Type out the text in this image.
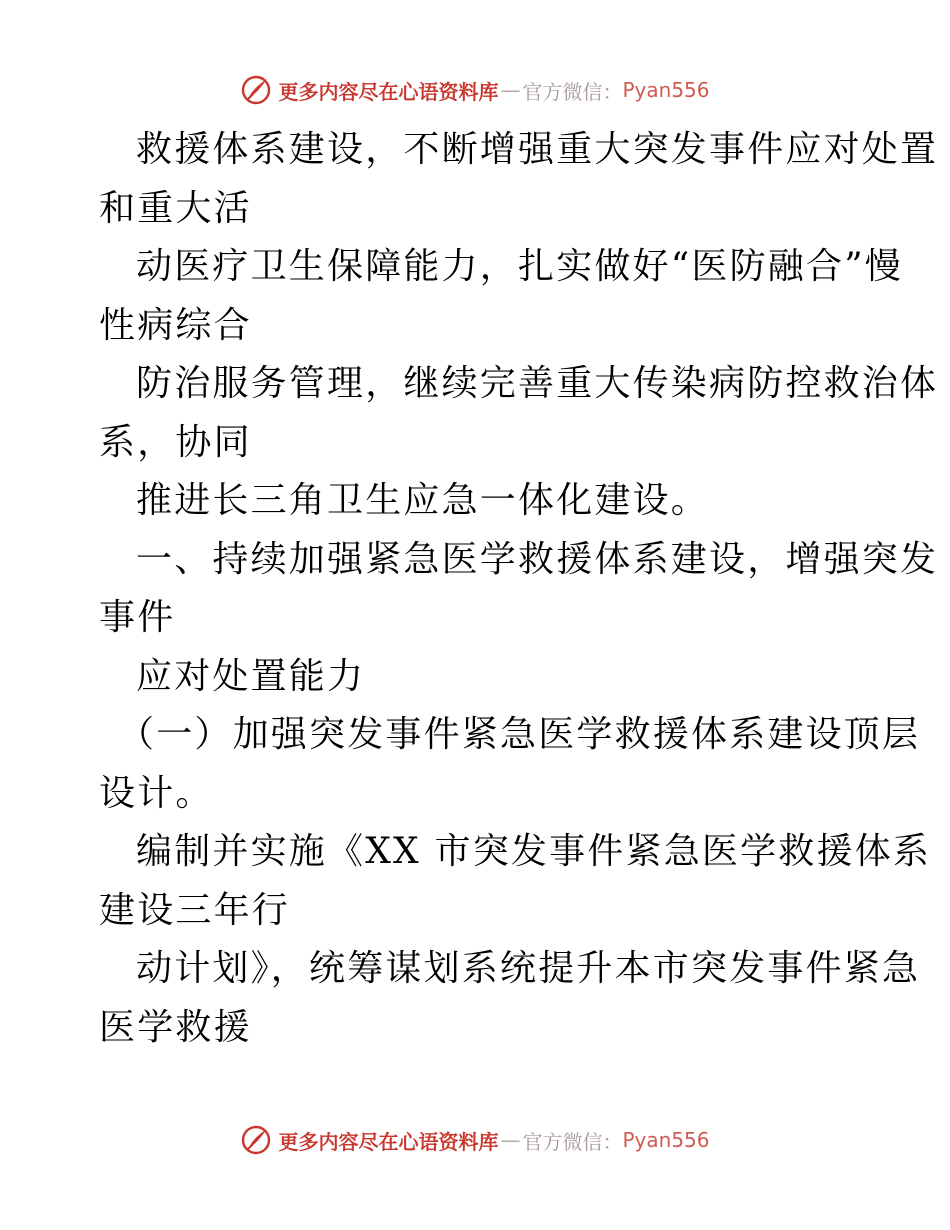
更多内容尽在心语资料库 — 官方微信： Pyan556
救援体系建设，不断增强重大突发事件应对处置
和重大活
动医疗卫生保障能力，扎实做好“医防融合”慢
性病综合
防治服务管理，继续完善重大传染病防控救治体
系，协同
推进长三角卫生应急一体化建设。
一、持续加强紧急医学救援体系建设，增强突发
事件
应对处置能力
（一）加强突发事件紧急医学救援体系建设顶层
设计。
编制并实施《XX 市突发事件紧急医学救援体系
建设三年行
动计划》，统筹谋划系统提升本市突发事件紧急
医学救援
更多内容尽在心语资料库 — 官方微信： Pyan556
